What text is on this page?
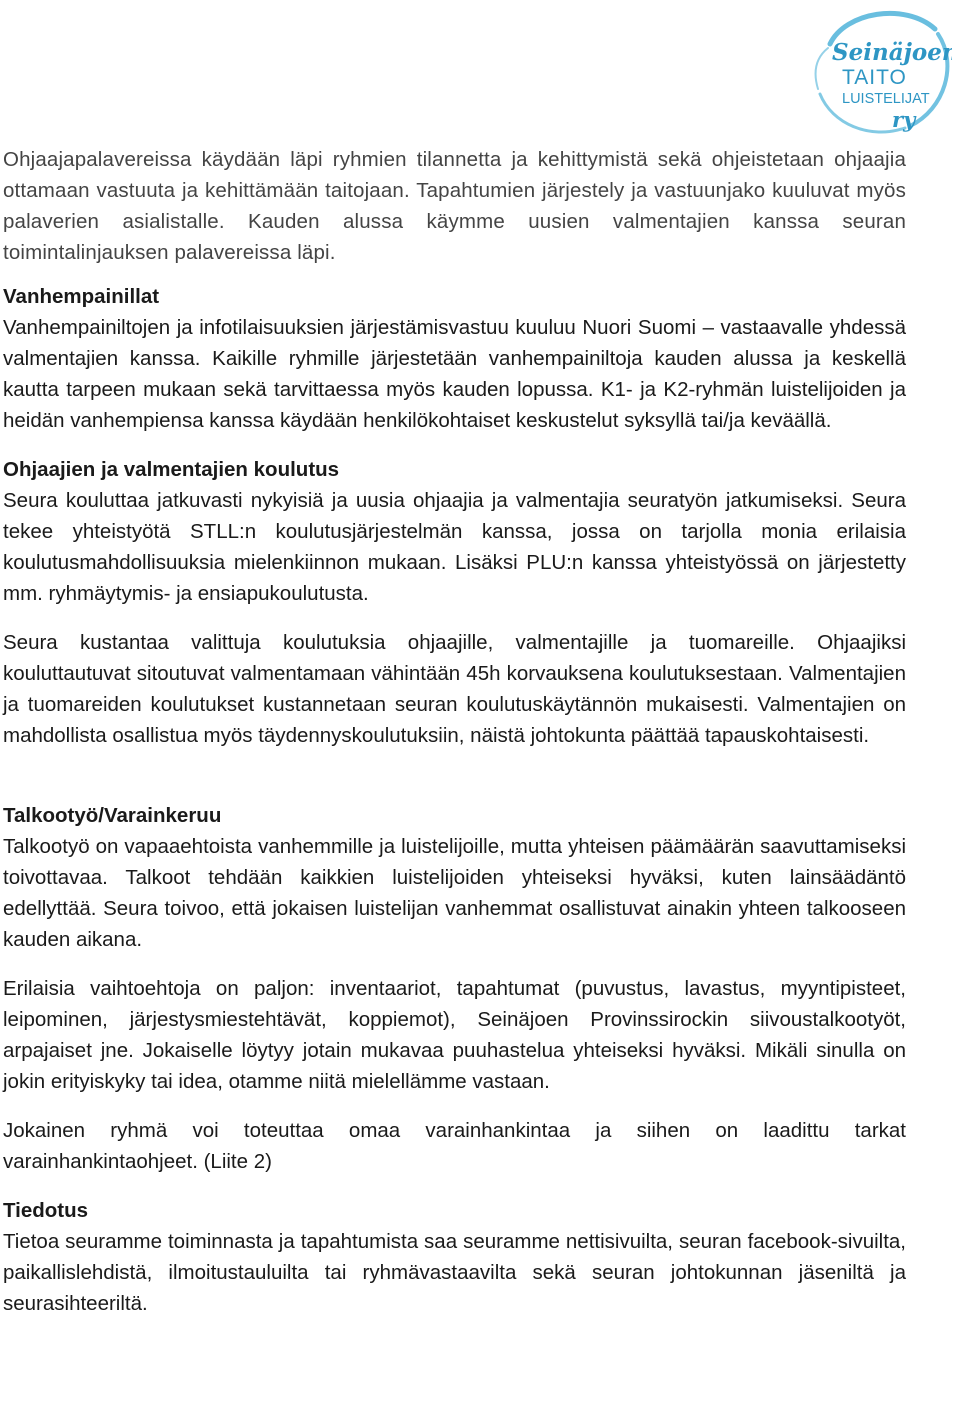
Seinäjoen
TAITO
LUISTELIJAT
ry

Ohjaajapalavereissa käydään läpi ryhmien tilannetta ja kehittymistä sekä ohjeistetaan ohjaajia ottamaan vastuuta ja kehittämään taitojaan. Tapahtumien järjestely ja vastuunjako kuuluvat myös palaverien asialistalle. Kauden alussa käymme uusien valmentajien kanssa seuran toimintalinjauksen palavereissa läpi.

Vanhempainillat

Vanhempainiltojen ja infotilaisuuksien järjestämisvastuu kuuluu Nuori Suomi – vastaavalle yhdessä valmentajien kanssa. Kaikille ryhmille järjestetään vanhempainiltoja kauden alussa ja keskellä kautta tarpeen mukaan sekä tarvittaessa myös kauden lopussa. K1- ja K2-ryhmän luistelijoiden ja heidän vanhempiensa kanssa käydään henkilökohtaiset keskustelut syksyllä tai/ja keväällä.

Ohjaajien ja valmentajien koulutus

Seura kouluttaa jatkuvasti nykyisiä ja uusia ohjaajia ja valmentajia seuratyön jatkumiseksi. Seura tekee yhteistyötä STLL:n koulutusjärjestelmän kanssa, jossa on tarjolla monia erilaisia koulutusmahdollisuuksia mielenkiinnon mukaan. Lisäksi PLU:n kanssa yhteistyössä on järjestetty mm. ryhmäytymis- ja ensiapukoulutusta.

Seura kustantaa valittuja koulutuksia ohjaajille, valmentajille ja tuomareille. Ohjaajiksi kouluttautuvat sitoutuvat valmentamaan vähintään 45h korvauksena koulutuksestaan. Valmentajien ja tuomareiden koulutukset kustannetaan seuran koulutuskäytännön mukaisesti. Valmentajien on mahdollista osallistua myös täydennyskoulutuksiin, näistä johtokunta päättää tapauskohtaisesti.

Talkootyö/Varainkeruu

Talkootyö on vapaaehtoista vanhemmille ja luistelijoille, mutta yhteisen päämäärän saavuttamiseksi toivottavaa. Talkoot tehdään kaikkien luistelijoiden yhteiseksi hyväksi, kuten lainsäädäntö edellyttää. Seura toivoo, että jokaisen luistelijan vanhemmat osallistuvat ainakin yhteen talkooseen kauden aikana.

Erilaisia vaihtoehtoja on paljon: inventaariot, tapahtumat (puvustus, lavastus, myyntipisteet, leipominen, järjestysmiestehtävät, koppiemot), Seinäjoen Provinssirockin siivoustalkootyöt, arpajaiset jne. Jokaiselle löytyy jotain mukavaa puuhastelua yhteiseksi hyväksi. Mikäli sinulla on jokin erityiskyky tai idea, otamme niitä mielellämme vastaan.

Jokainen ryhmä voi toteuttaa omaa varainhankintaa ja siihen on laadittu tarkat varainhankintaohjeet. (Liite 2)

Tiedotus

Tietoa seuramme toiminnasta ja tapahtumista saa seuramme nettisivuilta, seuran facebook-sivuilta, paikallislehdistä, ilmoitustauluilta tai ryhmävastaavilta sekä seuran johtokunnan jäseniltä ja seurasihteeriltä.
